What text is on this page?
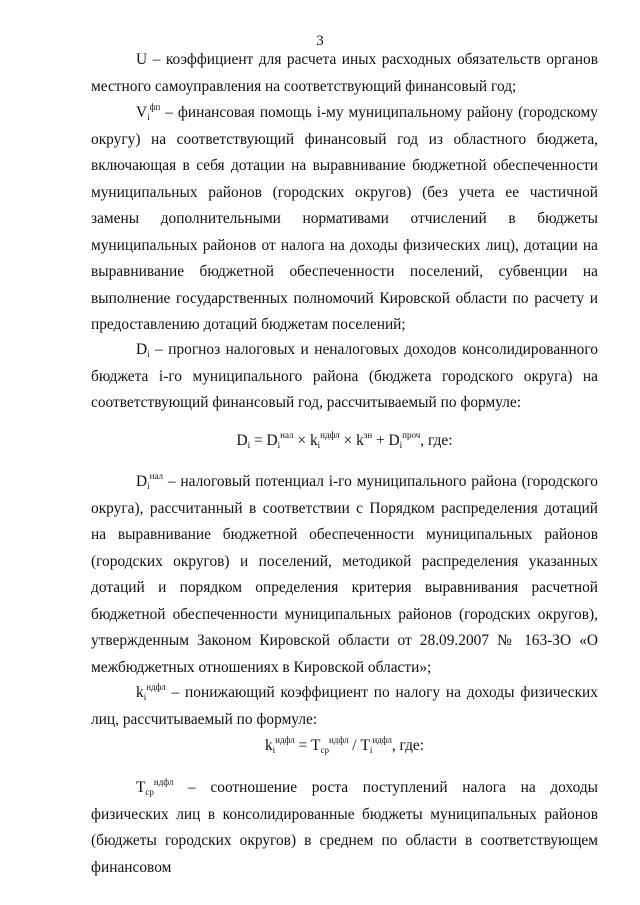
3

U – коэффициент для расчета иных расходных обязательств органов местного самоуправления на соответствующий финансовый год;

$V_i^{фп}$ – финансовая помощь i-му муниципальному району (городскому округу) на соответствующий финансовый год из областного бюджета, включающая в себя дотации на выравнивание бюджетной обеспеченности муниципальных районов (городских округов) (без учета ее частичной замены дополнительными нормативами отчислений в бюджеты муниципальных районов от налога на доходы физических лиц), дотации на выравнивание бюджетной обеспеченности поселений, субвенции на выполнение государственных полномочий Кировской области по расчету и предоставлению дотаций бюджетам поселений;

$D_i$ – прогноз налоговых и неналоговых доходов консолидированного бюджета i-го муниципального района (бюджета городского округа) на соответствующий финансовый год, рассчитываемый по формуле:

$D_i = D_i^{нал} \times k_i^{ндфл} \times k^{зн} + D_i^{проч}$, где:

$D_i^{нал}$ – налоговый потенциал i-го муниципального района (городского округа), рассчитанный в соответствии с Порядком распределения дотаций на выравнивание бюджетной обеспеченности муниципальных районов (городских округов) и поселений, методикой распределения указанных дотаций и порядком определения критерия выравнивания расчетной бюджетной обеспеченности муниципальных районов (городских округов), утвержденным Законом Кировской области от 28.09.2007 № 163-ЗО «О межбюджетных отношениях в Кировской области»;

$k_i^{ндфл}$ – понижающий коэффициент по налогу на доходы физических лиц, рассчитываемый по формуле:

$k_i^{ндфл} = T_{ср}^{ндфл} / T_i^{ндфл}$, где:

$T_{ср}^{ндфл}$ – соотношение роста поступлений налога на доходы физических лиц в консолидированные бюджеты муниципальных районов (бюджеты городских округов) в среднем по области в соответствующем финансовом
